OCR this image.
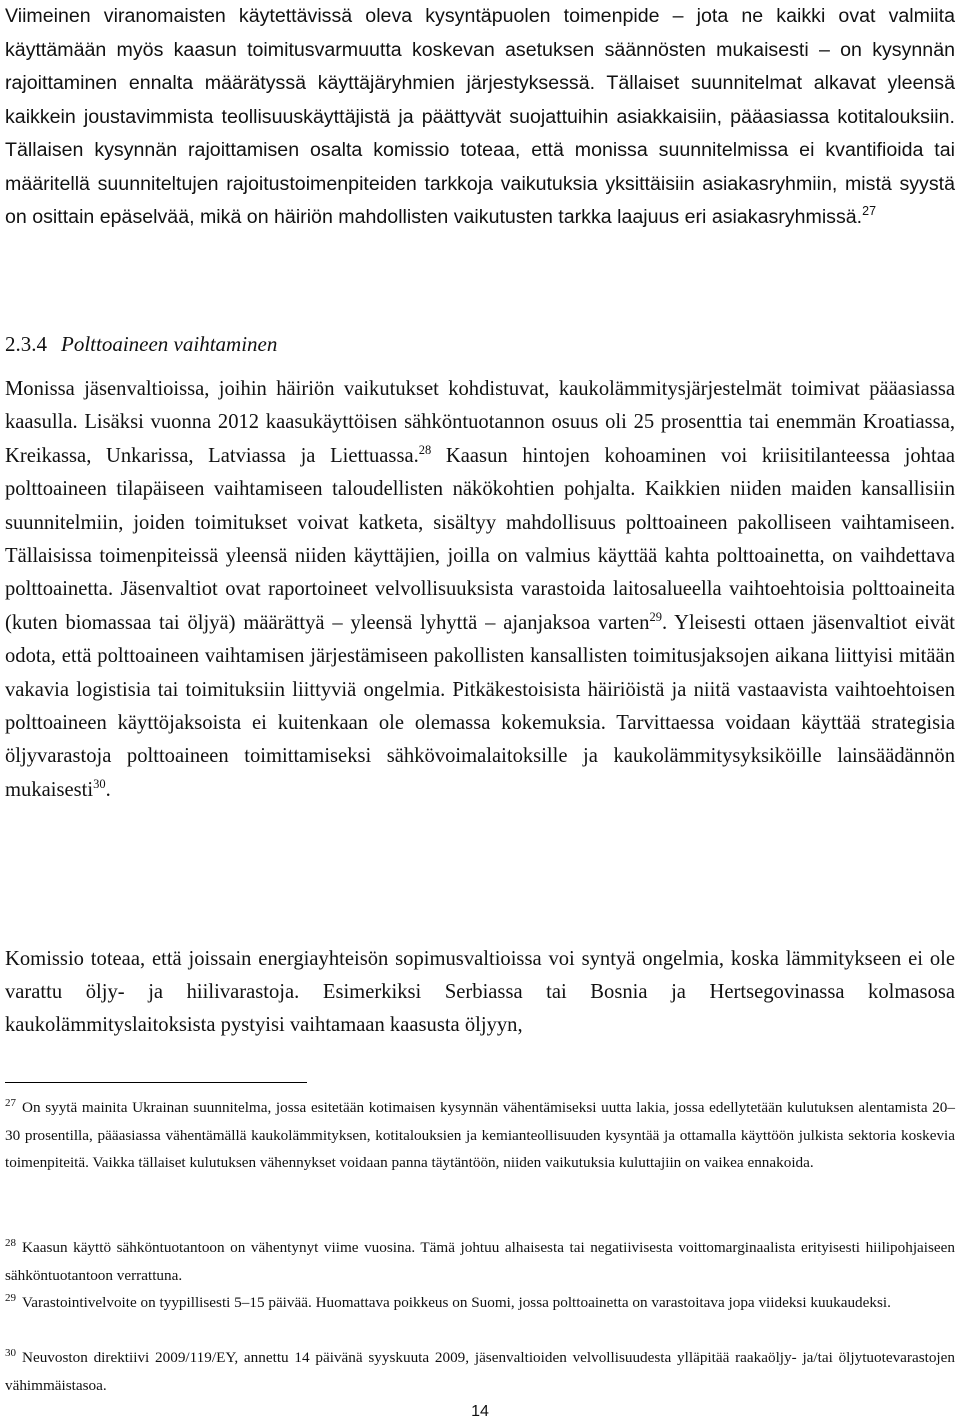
Viimeinen viranomaisten käytettävissä oleva kysyntäpuolen toimenpide – jota ne kaikki ovat valmiita käyttämään myös kaasun toimitusvarmuutta koskevan asetuksen säännösten mukaisesti – on kysynnän rajoittaminen ennalta määrätyssä käyttäjäryhmien järjestyksessä. Tällaiset suunnitelmat alkavat yleensä kaikkein joustavimmista teollisuuskäyttäjistä ja päättyvät suojattuihin asiakkaisiin, pääasiassa kotitalouksiin. Tällaisen kysynnän rajoittamisen osalta komissio toteaa, että monissa suunnitelmissa ei kvantifioida tai määritellä suunniteltujen rajoitustoimenpiteiden tarkkoja vaikutuksia yksittäisiin asiakasryhmiin, mistä syystä on osittain epäselvää, mikä on häiriön mahdollisten vaikutusten tarkka laajuus eri asiakasryhmissä.$^{27}$

2.3.4 Polttoaineen vaihtaminen

Monissa jäsenvaltioissa, joihin häiriön vaikutukset kohdistuvat, kaukolämmitysjärjestelmät toimivat pääasiassa kaasulla. Lisäksi vuonna 2012 kaasukäyttöisen sähköntuotannon osuus oli 25 prosenttia tai enemmän Kroatiassa, Kreikassa, Unkarissa, Latviassa ja Liettuassa.$^{28}$ Kaasun hintojen kohoaminen voi kriisitilanteessa johtaa polttoaineen tilapäiseen vaihtamiseen taloudellisten näkökohtien pohjalta. Kaikkien niiden maiden kansallisiin suunnitelmiin, joiden toimitukset voivat katketa, sisältyy mahdollisuus polttoaineen pakolliseen vaihtamiseen. Tällaisissa toimenpiteissä yleensä niiden käyttäjien, joilla on valmius käyttää kahta polttoainetta, on vaihdettava polttoainetta. Jäsenvaltiot ovat raportoineet velvollisuuksista varastoida laitosalueella vaihtoehtoisia polttoaineita (kuten biomassaa tai öljyä) määrättyä – yleensä lyhyttä – ajanjaksoa varten$^{29}$. Yleisesti ottaen jäsenvaltiot eivät odota, että polttoaineen vaihtamisen järjestämiseen pakollisten kansallisten toimitusjaksojen aikana liittyisi mitään vakavia logistisia tai toimituksiin liittyviä ongelmia. Pitkäkestoisista häiriöistä ja niitä vastaavista vaihtoehtoisen polttoaineen käyttöjaksoista ei kuitenkaan ole olemassa kokemuksia. Tarvittaessa voidaan käyttää strategisia öljyvarastoja polttoaineen toimittamiseksi sähkövoimalaitoksille ja kaukolämmitysyksiköille lainsäädännön mukaisesti$^{30}$.

Komissio toteaa, että joissain energiayhteisön sopimusvaltioissa voi syntyä ongelmia, koska lämmitykseen ei ole varattu öljy- ja hiilivarastoja. Esimerkiksi Serbiassa tai Bosnia ja Hertsegovinassa kolmasosa kaukolämmityslaitoksista pystyisi vaihtamaan kaasusta öljyyn,

$^{27}$ On syytä mainita Ukrainan suunnitelma, jossa esitetään kotimaisen kysynnän vähentämiseksi uutta lakia, jossa edellytetään kulutuksen alentamista 20–30 prosentilla, pääasiassa vähentämällä kaukolämmityksen, kotitalouksien ja kemianteollisuuden kysyntää ja ottamalla käyttöön julkista sektoria koskevia toimenpiteitä. Vaikka tällaiset kulutuksen vähennykset voidaan panna täytäntöön, niiden vaikutuksia kuluttajiin on vaikea ennakoida.

$^{28}$ Kaasun käyttö sähköntuotantoon on vähentynyt viime vuosina. Tämä johtuu alhaisesta tai negatiivisesta voittomarginaalista erityisesti hiilipohjaiseen sähköntuotantoon verrattuna.

$^{29}$ Varastointivelvoite on tyypillisesti 5–15 päivää. Huomattava poikkeus on Suomi, jossa polttoainetta on varastoitava jopa viideksi kuukaudeksi.

$^{30}$ Neuvoston direktiivi 2009/119/EY, annettu 14 päivänä syyskuuta 2009, jäsenvaltioiden velvollisuudesta ylläpitää raakaöljy- ja/tai öljytuotevarastojen vähimmäistasoa.

14
